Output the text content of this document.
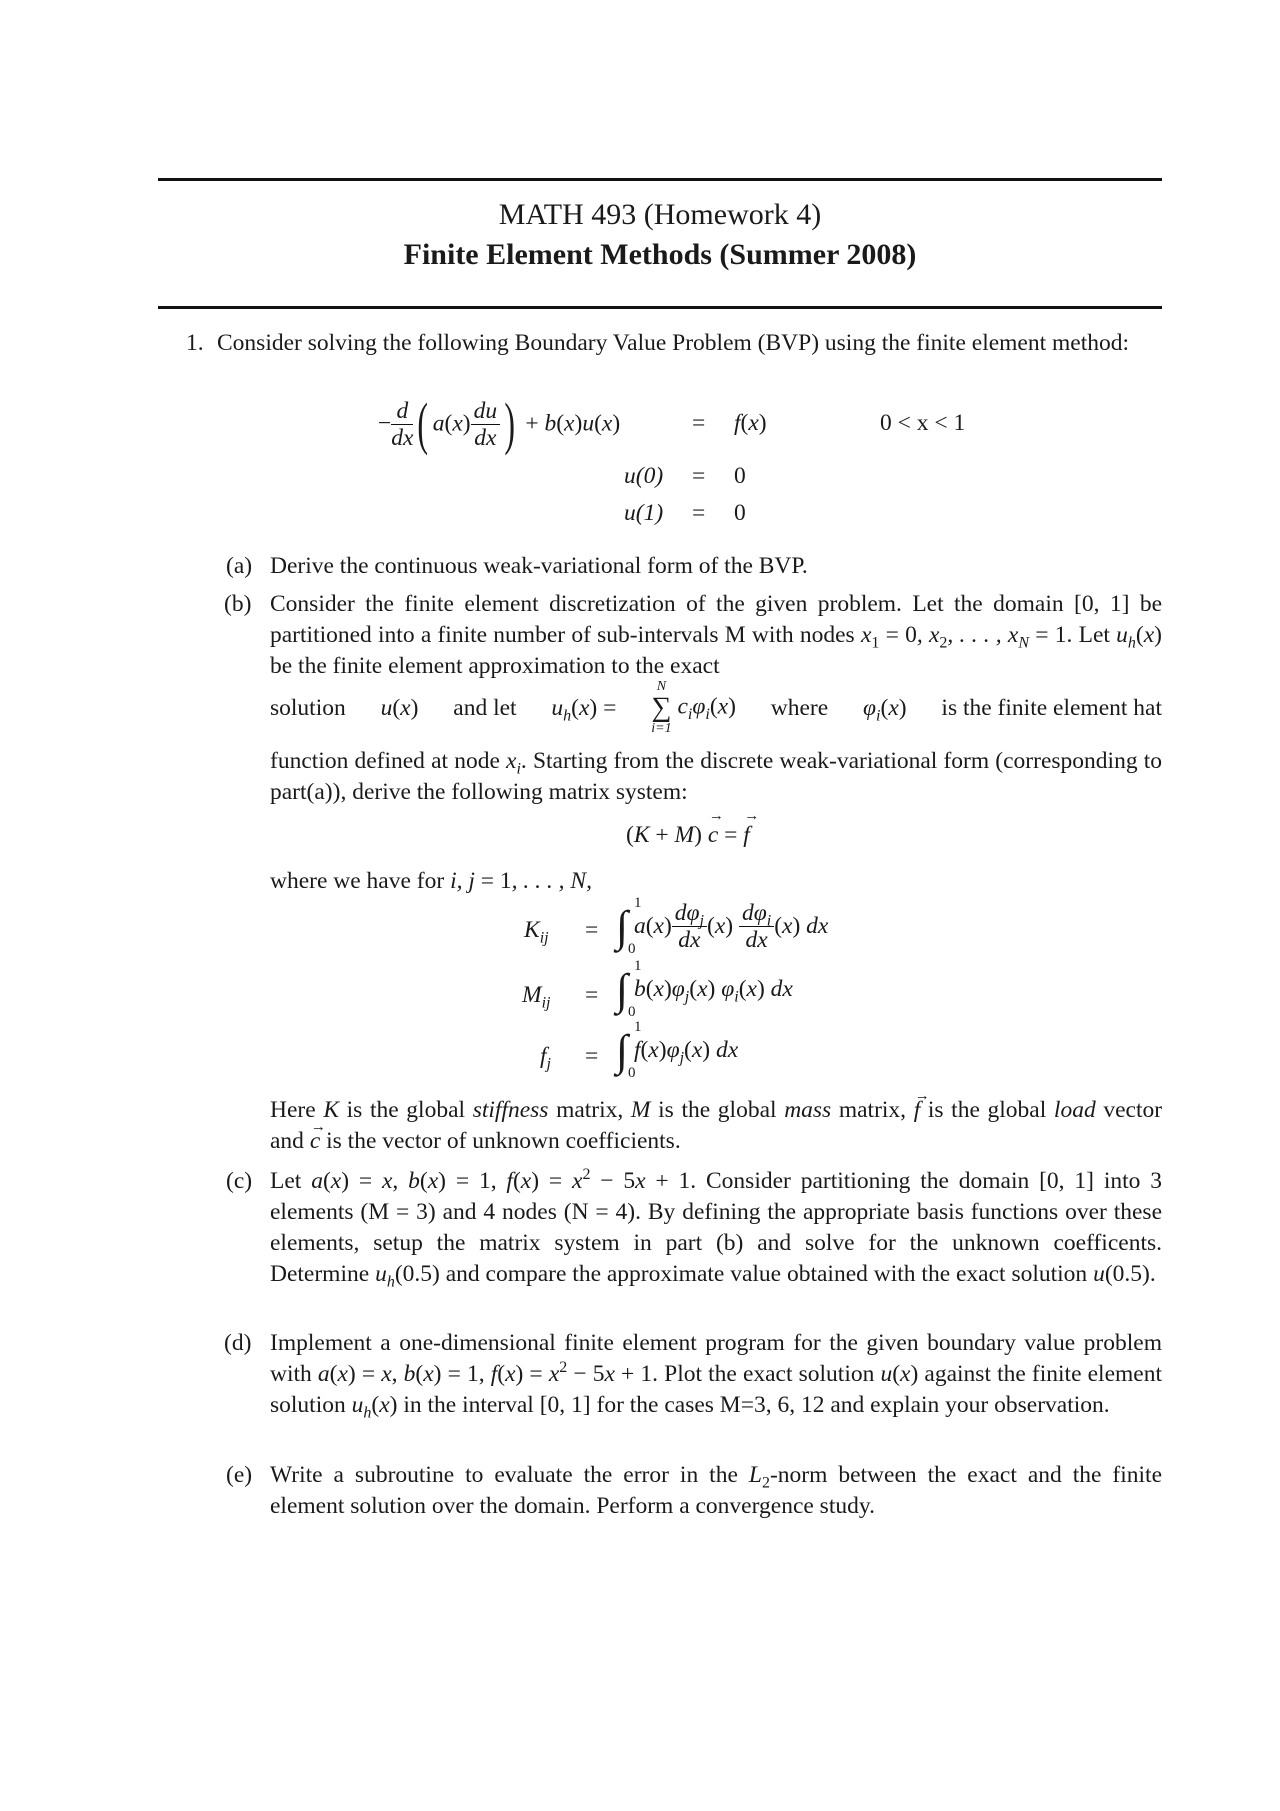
MATH 493 (Homework 4)
Finite Element Methods (Summer 2008)
1. Consider solving the following Boundary Value Problem (BVP) using the finite element method:
− $\frac{d}{dx}$ ( $a(x) \frac{du}{dx}$ ) + b(x)u(x)	= f(x)	0 < x < 1
u(0) = 0
u(1) = 0
(a) Derive the continuous weak-variational form of the BVP.
(b) Consider the finite element discretization of the given problem. Let the domain [0, 1] be partitioned into a finite number of sub-intervals M with nodes $x_1 = 0$, $x_2$, . . . , $x_N = 1$. Let $u_h(x)$ be the finite element approximation to the exact
solution u(x) and let $u_h(x)$ =
N
∑
i=1
$c_i\varphi_i(x)$ where $\varphi_i(x)$ is the finite element hat
function defined at node $x_i$. Starting from the discrete weak-variational form (corresponding to part(a)), derive the following matrix system:
(K + M) c → = f →
where we have for i, j = 1, . . . , N,
$K_{ij}$ = ∫ 1
0
$a(x) \frac{d\varphi_j}{dx} (x) \frac{d\varphi_i}{dx} (x)$ dx
$M_{ij}$ = ∫ 1
0
$b(x)\varphi_j(x)$ $\varphi_i(x)$ dx
$f_j$ = ∫ 1
0
$f(x)\varphi_j(x)$ dx
Here K is the global stiffness matrix, M is the global mass matrix, f → is the global load vector and c → is the vector of unknown coefficients.
(c) Let a(x) = x, b(x) = 1, $f(x) = x^2 - 5x + 1$. Consider partitioning the domain [0, 1] into 3 elements (M = 3) and 4 nodes (N = 4). By defining the appropriate basis functions over these elements, setup the matrix system in part (b) and solve for the unknown coefficents. Determine $u_h(0.5)$ and compare the approximate value obtained with the exact solution u(0.5).
(d) Implement a one-dimensional finite element program for the given boundary value problem with a(x) = x, b(x) = 1, $f(x) = x^2 - 5x + 1$. Plot the exact solution u(x) against the finite element solution $u_h(x)$ in the interval [0, 1] for the cases M=3, 6, 12 and explain your observation.
(e) Write a subroutine to evaluate the error in the $L_2$-norm between the exact and the finite element solution over the domain. Perform a convergence study.
